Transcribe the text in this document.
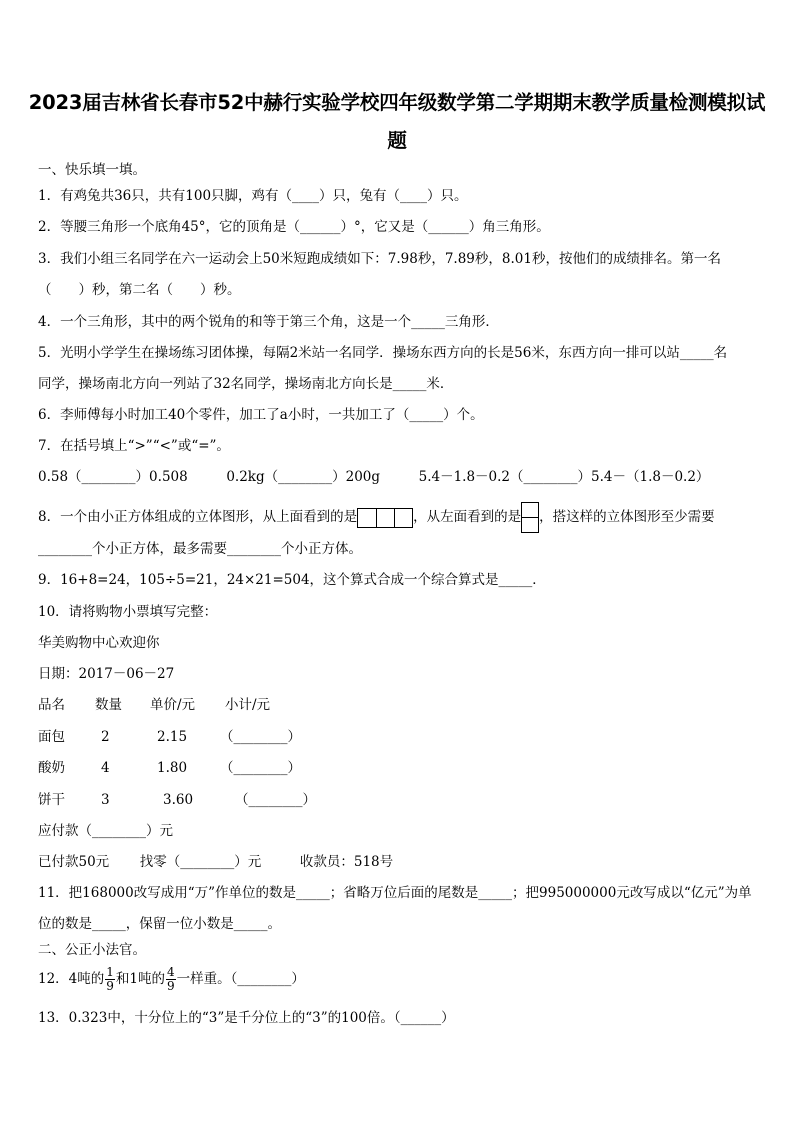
2023届吉林省长春市52中赫行实验学校四年级数学第二学期期末教学质量检测模拟试题
一、快乐填一填。
1．有鸡兔共36只，共有100只脚，鸡有（____）只，兔有（____）只。
2．等腰三角形一个底角45°，它的顶角是（______）°，它又是（______）角三角形。
3．我们小组三名同学在六一运动会上50米短跑成绩如下：7.98秒，7.89秒，8.01秒，按他们的成绩排名。第一名
（　　）秒，第二名（　　）秒。
4．一个三角形，其中的两个锐角的和等于第三个角，这是一个_____三角形．
5．光明小学学生在操场练习团体操，每隔2米站一名同学．操场东西方向的长是56米，东西方向一排可以站_____名
同学，操场南北方向一列站了32名同学，操场南北方向长是_____米．
6．李师傅每小时加工40个零件，加工了a小时，一共加工了（_____）个。
7．在括号填上“>”“<”或“=”。
0.58（________）0.508	0.2kg（________）200g	5.4－1.8－0.2（________）5.4－（1.8－0.2）
8．一个由小正方体组成的立体图形，从上面看到的是	，从左面看到的是 ，搭这样的立体图形至少需要
________个小正方体，最多需要________个小正方体。
9．16+8=24，105÷5=21，24×21=504，这个算式合成一个综合算式是_____．
10．请将购物小票填写完整：
华美购物中心欢迎你
日期：2017－06－27
品名 数量 单价/元 小计/元
面包	2	2.15 （________）
酸奶	4	1.80 （________）
饼干	3	3.60	（________）
应付款（________）元
已付款50元 找零（________）元	收款员：518号
11．把168000改写成用“万”作单位的数是_____；省略万位后面的尾数是_____；把995000000元改写成以“亿元”为单
位的数是_____，保留一位小数是_____。
二、公正小法官。
12．4吨的 $\frac{1}{9}$ 和1吨的 $\frac{4}{9}$ 一样重。（________）
13．0.323中，十分位上的“3”是千分位上的“3”的100倍。（______）
